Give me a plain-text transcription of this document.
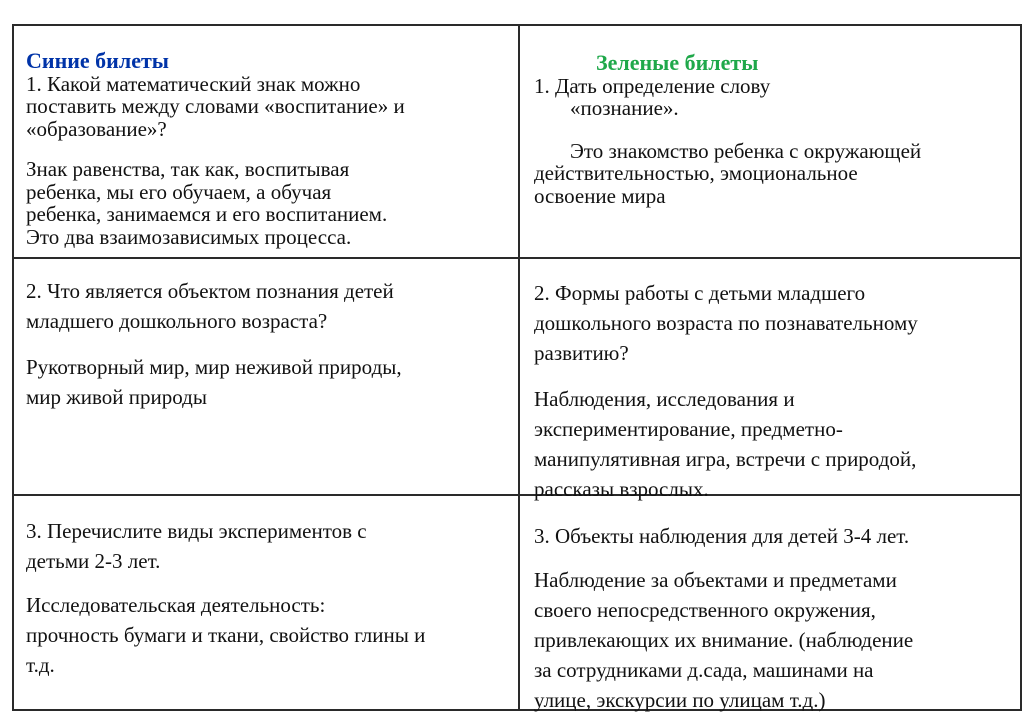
Синие билеты

1. Какой математический знак можно

поставить между словами «воспитание» и

«образование»?

Знак равенства, так как, воспитывая

ребенка, мы его обучаем, а обучая

ребенка, занимаемся и его воспитанием.

Это два взаимозависимых процесса.

Зеленые билеты

1. Дать определение слову

«познание».

Это знакомство ребенка с окружающей

действительностью, эмоциональное

освоение мира

2. Что является объектом познания детей

младшего дошкольного возраста?

Рукотворный мир, мир неживой природы,

мир живой природы

2. Формы работы с детьми младшего

дошкольного возраста по познавательному

развитию?

Наблюдения, исследования и

экспериментирование, предметно-

манипулятивная игра, встречи с природой,

рассказы взрослых.

3. Перечислите виды экспериментов с

детьми 2-3 лет.

Исследовательская деятельность:

прочность бумаги и ткани, свойство глины и

т.д.

3. Объекты наблюдения для детей 3-4 лет.

Наблюдение за объектами и предметами

своего непосредственного окружения,

привлекающих их внимание. (наблюдение

за сотрудниками д.сада, машинами на

улице, экскурсии по улицам т.д.)
